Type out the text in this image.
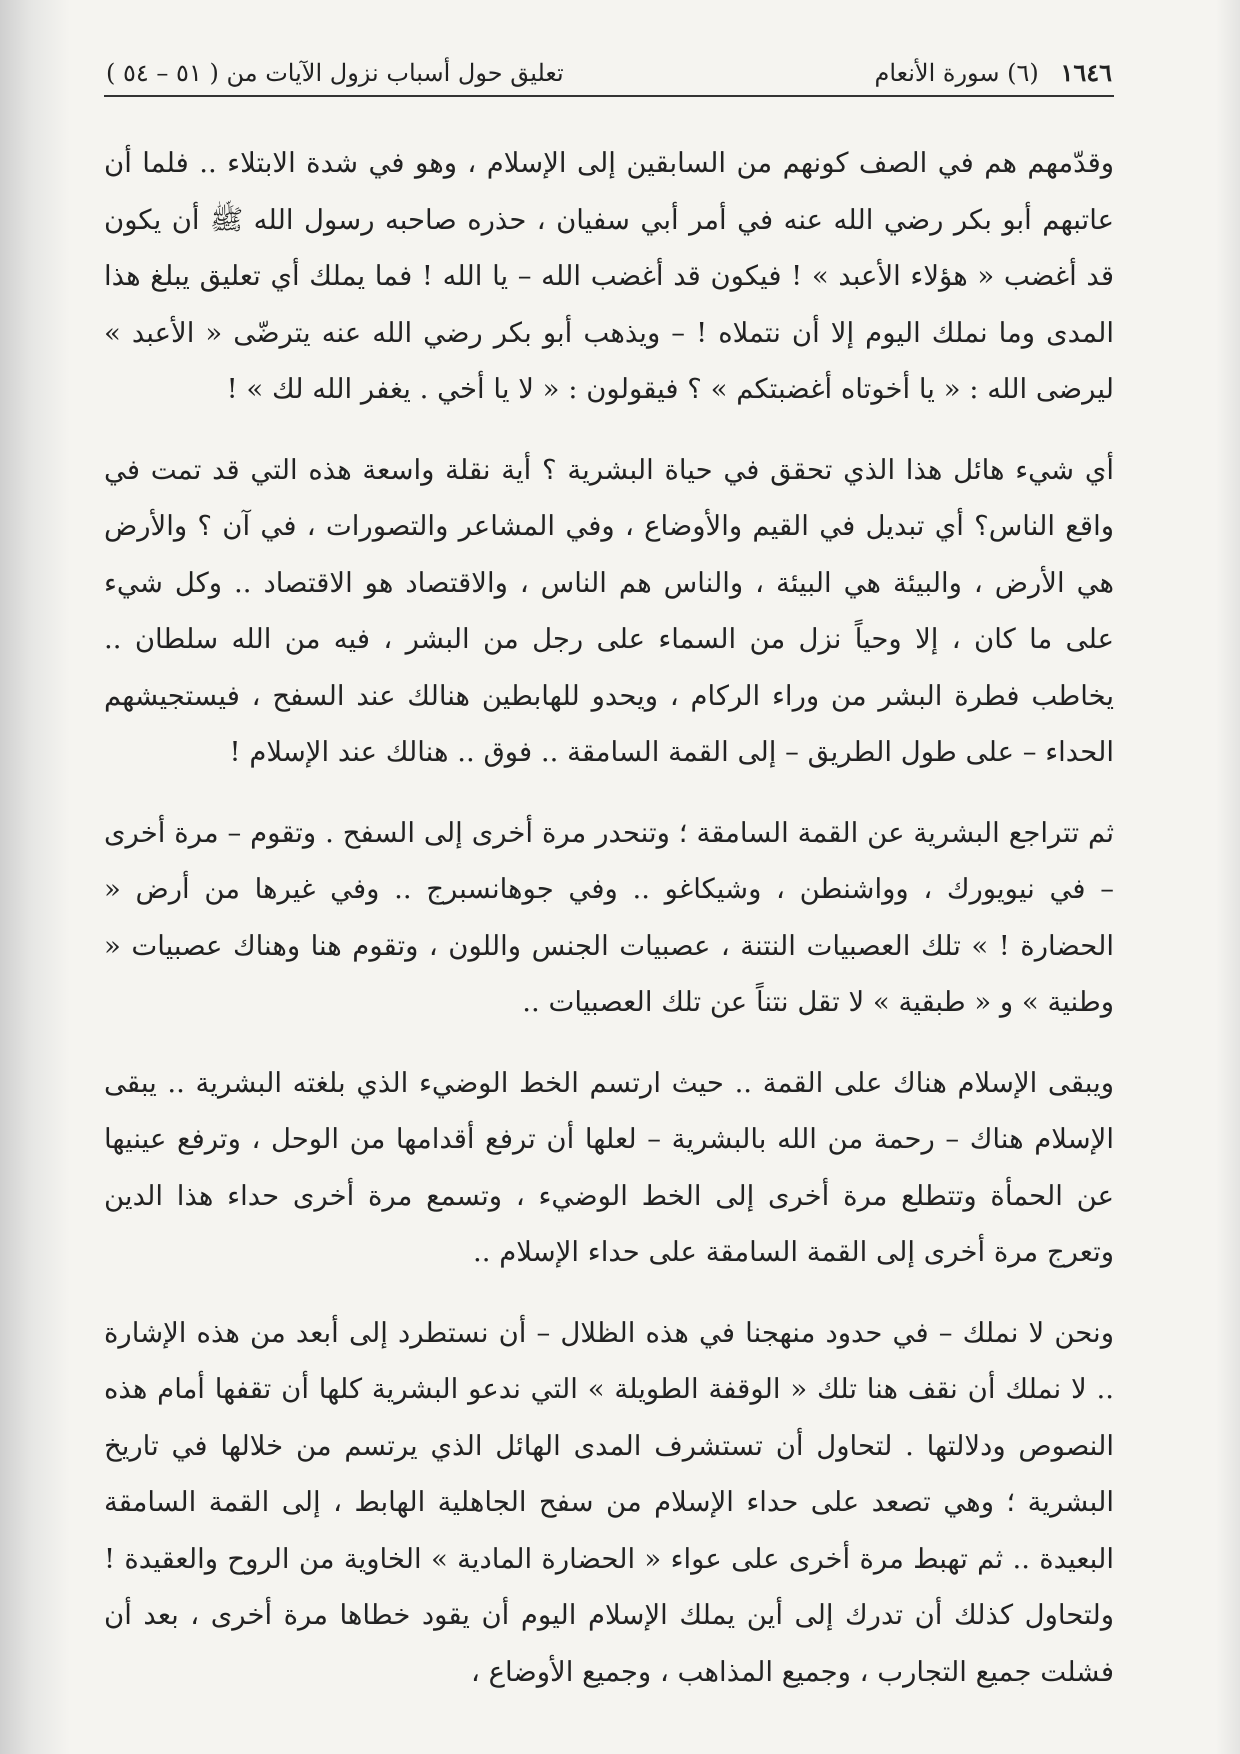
١٦٤٦ (٦) سورة الأنعام
تعليق حول أسباب نزول الآيات من ( ٥١ – ٥٤ )

وقدّمهم هم في الصف كونهم من السابقين إلى الإسلام ، وهو في شدة الابتلاء .. فلما أن عاتبهم أبو بكر رضي الله عنه في أمر أبي سفيان ، حذره صاحبه رسول الله ﷺ أن يكون قد أغضب « هؤلاء الأعبد » ! فيكون قد أغضب الله – يا الله ! فما يملك أي تعليق يبلغ هذا المدى وما نملك اليوم إلا أن نتملاه ! – ويذهب أبو بكر رضي الله عنه يترضّى « الأعبد » ليرضى الله : « يا أخوتاه أغضبتكم » ؟ فيقولون : « لا يا أخي . يغفر الله لك » !

أي شيء هائل هذا الذي تحقق في حياة البشرية ؟ أية نقلة واسعة هذه التي قد تمت في واقع الناس؟ أي تبديل في القيم والأوضاع ، وفي المشاعر والتصورات ، في آن ؟ والأرض هي الأرض ، والبيئة هي البيئة ، والناس هم الناس ، والاقتصاد هو الاقتصاد .. وكل شيء على ما كان ، إلا وحياً نزل من السماء على رجل من البشر ، فيه من الله سلطان .. يخاطب فطرة البشر من وراء الركام ، ويحدو للهابطين هنالك عند السفح ، فيستجيشهم الحداء – على طول الطريق – إلى القمة السامقة .. فوق .. هنالك عند الإسلام !

ثم تتراجع البشرية عن القمة السامقة ؛ وتنحدر مرة أخرى إلى السفح . وتقوم – مرة أخرى – في نيويورك ، وواشنطن ، وشيكاغو .. وفي جوهانسبرج .. وفي غيرها من أرض « الحضارة ! » تلك العصبيات النتنة ، عصبيات الجنس واللون ، وتقوم هنا وهناك عصبيات « وطنية » و « طبقية » لا تقل نتناً عن تلك العصبيات ..

ويبقى الإسلام هناك على القمة .. حيث ارتسم الخط الوضيء الذي بلغته البشرية .. يبقى الإسلام هناك – رحمة من الله بالبشرية – لعلها أن ترفع أقدامها من الوحل ، وترفع عينيها عن الحمأة وتتطلع مرة أخرى إلى الخط الوضيء ، وتسمع مرة أخرى حداء هذا الدين وتعرج مرة أخرى إلى القمة السامقة على حداء الإسلام ..

ونحن لا نملك – في حدود منهجنا في هذه الظلال – أن نستطرد إلى أبعد من هذه الإشارة .. لا نملك أن نقف هنا تلك « الوقفة الطويلة » التي ندعو البشرية كلها أن تقفها أمام هذه النصوص ودلالتها . لتحاول أن تستشرف المدى الهائل الذي يرتسم من خلالها في تاريخ البشرية ؛ وهي تصعد على حداء الإسلام من سفح الجاهلية الهابط ، إلى القمة السامقة البعيدة .. ثم تهبط مرة أخرى على عواء « الحضارة المادية » الخاوية من الروح والعقيدة ! ولتحاول كذلك أن تدرك إلى أين يملك الإسلام اليوم أن يقود خطاها مرة أخرى ، بعد أن فشلت جميع التجارب ، وجميع المذاهب ، وجميع الأوضاع ،
